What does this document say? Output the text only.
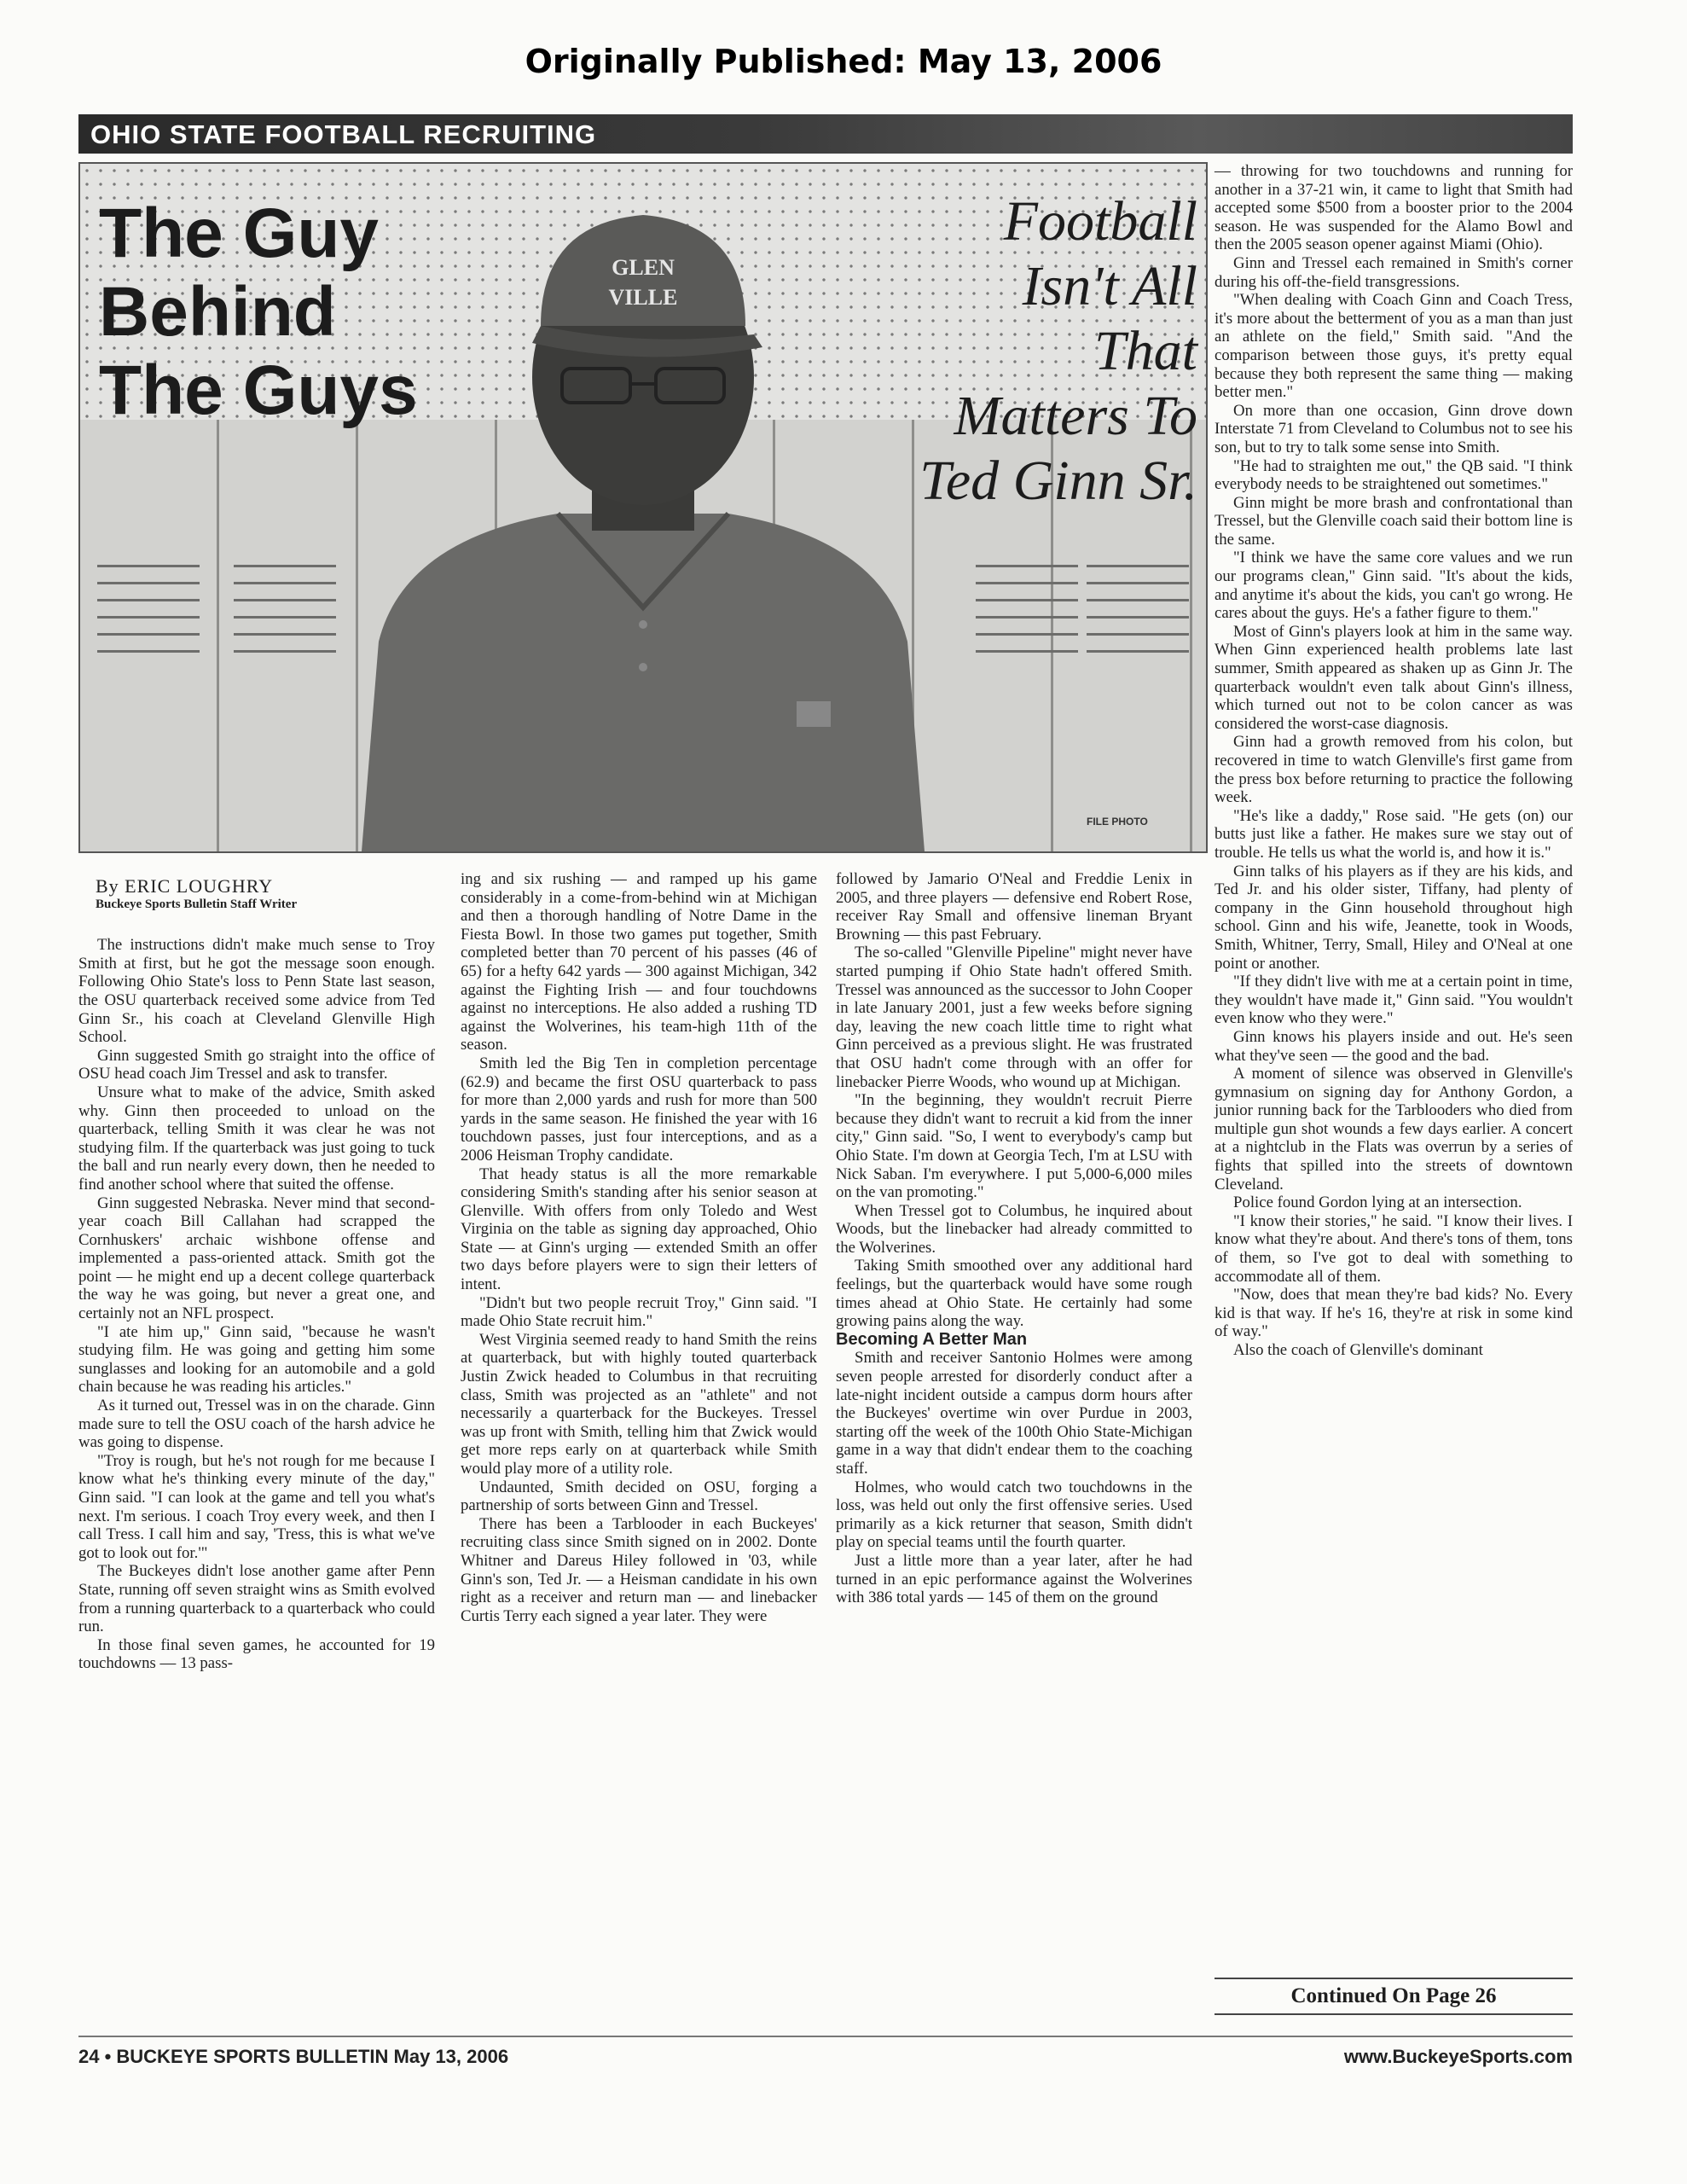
Originally Published: May 13, 2006
OHIO STATE FOOTBALL RECRUITING
GLEN
VILLE
The Guy
Behind
The Guys
Football
Isn't All
That
Matters To
Ted Ginn Sr.
FILE PHOTO
By ERIC LOUGHRY
Buckeye Sports Bulletin Staff Writer

The instructions didn't make much sense to Troy Smith at first, but he got the message soon enough. Following Ohio State's loss to Penn State last season, the OSU quarterback received some advice from Ted Ginn Sr., his coach at Cleveland Glenville High School.

Ginn suggested Smith go straight into the office of OSU head coach Jim Tressel and ask to transfer.

Unsure what to make of the advice, Smith asked why. Ginn then proceeded to unload on the quarterback, telling Smith it was clear he was not studying film. If the quarterback was just going to tuck the ball and run nearly every down, then he needed to find another school where that suited the offense.

Ginn suggested Nebraska. Never mind that second-year coach Bill Callahan had scrapped the Cornhuskers' archaic wishbone offense and implemented a pass-oriented attack. Smith got the point — he might end up a decent college quarterback the way he was going, but never a great one, and certainly not an NFL prospect.

"I ate him up," Ginn said, "because he wasn't studying film. He was going and getting him some sunglasses and looking for an automobile and a gold chain because he was reading his articles."

As it turned out, Tressel was in on the charade. Ginn made sure to tell the OSU coach of the harsh advice he was going to dispense.

"Troy is rough, but he's not rough for me because I know what he's thinking every minute of the day," Ginn said. "I can look at the game and tell you what's next. I'm serious. I coach Troy every week, and then I call Tress. I call him and say, 'Tress, this is what we've got to look out for.'"

The Buckeyes didn't lose another game after Penn State, running off seven straight wins as Smith evolved from a running quarterback to a quarterback who could run.

In those final seven games, he accounted for 19 touchdowns — 13 pass-

ing and six rushing — and ramped up his game considerably in a come-from-behind win at Michigan and then a thorough handling of Notre Dame in the Fiesta Bowl. In those two games put together, Smith completed better than 70 percent of his passes (46 of 65) for a hefty 642 yards — 300 against Michigan, 342 against the Fighting Irish — and four touchdowns against no interceptions. He also added a rushing TD against the Wolverines, his team-high 11th of the season.

Smith led the Big Ten in completion percentage (62.9) and became the first OSU quarterback to pass for more than 2,000 yards and rush for more than 500 yards in the same season. He finished the year with 16 touchdown passes, just four interceptions, and as a 2006 Heisman Trophy candidate.

That heady status is all the more remarkable considering Smith's standing after his senior season at Glenville. With offers from only Toledo and West Virginia on the table as signing day approached, Ohio State — at Ginn's urging — extended Smith an offer two days before players were to sign their letters of intent.

"Didn't but two people recruit Troy," Ginn said. "I made Ohio State recruit him."

West Virginia seemed ready to hand Smith the reins at quarterback, but with highly touted quarterback Justin Zwick headed to Columbus in that recruiting class, Smith was projected as an "athlete" and not necessarily a quarterback for the Buckeyes. Tressel was up front with Smith, telling him that Zwick would get more reps early on at quarterback while Smith would play more of a utility role.

Undaunted, Smith decided on OSU, forging a partnership of sorts between Ginn and Tressel.

There has been a Tarblooder in each Buckeyes' recruiting class since Smith signed on in 2002. Donte Whitner and Dareus Hiley followed in '03, while Ginn's son, Ted Jr. — a Heisman candidate in his own right as a receiver and return man — and linebacker Curtis Terry each signed a year later. They were

followed by Jamario O'Neal and Freddie Lenix in 2005, and three players — defensive end Robert Rose, receiver Ray Small and offensive lineman Bryant Browning — this past February.

The so-called "Glenville Pipeline" might never have started pumping if Ohio State hadn't offered Smith. Tressel was announced as the successor to John Cooper in late January 2001, just a few weeks before signing day, leaving the new coach little time to right what Ginn perceived as a previous slight. He was frustrated that OSU hadn't come through with an offer for linebacker Pierre Woods, who wound up at Michigan.

"In the beginning, they wouldn't recruit Pierre because they didn't want to recruit a kid from the inner city," Ginn said. "So, I went to everybody's camp but Ohio State. I'm down at Georgia Tech, I'm at LSU with Nick Saban. I'm everywhere. I put 5,000-6,000 miles on the van promoting."

When Tressel got to Columbus, he inquired about Woods, but the linebacker had already committed to the Wolverines.

Taking Smith smoothed over any additional hard feelings, but the quarterback would have some rough times ahead at Ohio State. He certainly had some growing pains along the way.

Becoming A Better Man

Smith and receiver Santonio Holmes were among seven people arrested for disorderly conduct after a late-night incident outside a campus dorm hours after the Buckeyes' overtime win over Purdue in 2003, starting off the week of the 100th Ohio State-Michigan game in a way that didn't endear them to the coaching staff.

Holmes, who would catch two touchdowns in the loss, was held out only the first offensive series. Used primarily as a kick returner that season, Smith didn't play on special teams until the fourth quarter.

Just a little more than a year later, after he had turned in an epic performance against the Wolverines with 386 total yards — 145 of them on the ground

— throwing for two touchdowns and running for another in a 37-21 win, it came to light that Smith had accepted some $500 from a booster prior to the 2004 season. He was suspended for the Alamo Bowl and then the 2005 season opener against Miami (Ohio).

Ginn and Tressel each remained in Smith's corner during his off-the-field transgressions.

"When dealing with Coach Ginn and Coach Tress, it's more about the betterment of you as a man than just an athlete on the field," Smith said. "And the comparison between those guys, it's pretty equal because they both represent the same thing — making better men."

On more than one occasion, Ginn drove down Interstate 71 from Cleveland to Columbus not to see his son, but to try to talk some sense into Smith.

"He had to straighten me out," the QB said. "I think everybody needs to be straightened out sometimes."

Ginn might be more brash and confrontational than Tressel, but the Glenville coach said their bottom line is the same.

"I think we have the same core values and we run our programs clean," Ginn said. "It's about the kids, and anytime it's about the kids, you can't go wrong. He cares about the guys. He's a father figure to them."

Most of Ginn's players look at him in the same way. When Ginn experienced health problems late last summer, Smith appeared as shaken up as Ginn Jr. The quarterback wouldn't even talk about Ginn's illness, which turned out not to be colon cancer as was considered the worst-case diagnosis.

Ginn had a growth removed from his colon, but recovered in time to watch Glenville's first game from the press box before returning to practice the following week.

"He's like a daddy," Rose said. "He gets (on) our butts just like a father. He makes sure we stay out of trouble. He tells us what the world is, and how it is."

Ginn talks of his players as if they are his kids, and Ted Jr. and his older sister, Tiffany, had plenty of company in the Ginn household throughout high school. Ginn and his wife, Jeanette, took in Woods, Smith, Whitner, Terry, Small, Hiley and O'Neal at one point or another.

"If they didn't live with me at a certain point in time, they wouldn't have made it," Ginn said. "You wouldn't even know who they were."

Ginn knows his players inside and out. He's seen what they've seen — the good and the bad.

A moment of silence was observed in Glenville's gymnasium on signing day for Anthony Gordon, a junior running back for the Tarblooders who died from multiple gun shot wounds a few days earlier. A concert at a nightclub in the Flats was overrun by a series of fights that spilled into the streets of downtown Cleveland.

Police found Gordon lying at an intersection.

"I know their stories," he said. "I know their lives. I know what they're about. And there's tons of them, tons of them, so I've got to deal with something to accommodate all of them.

"Now, does that mean they're bad kids? No. Every kid is that way. If he's 16, they're at risk in some kind of way."

Also the coach of Glenville's dominant

Continued On Page 26
24 • BUCKEYE SPORTS BULLETIN May 13, 2006	www.BuckeyeSports.com
